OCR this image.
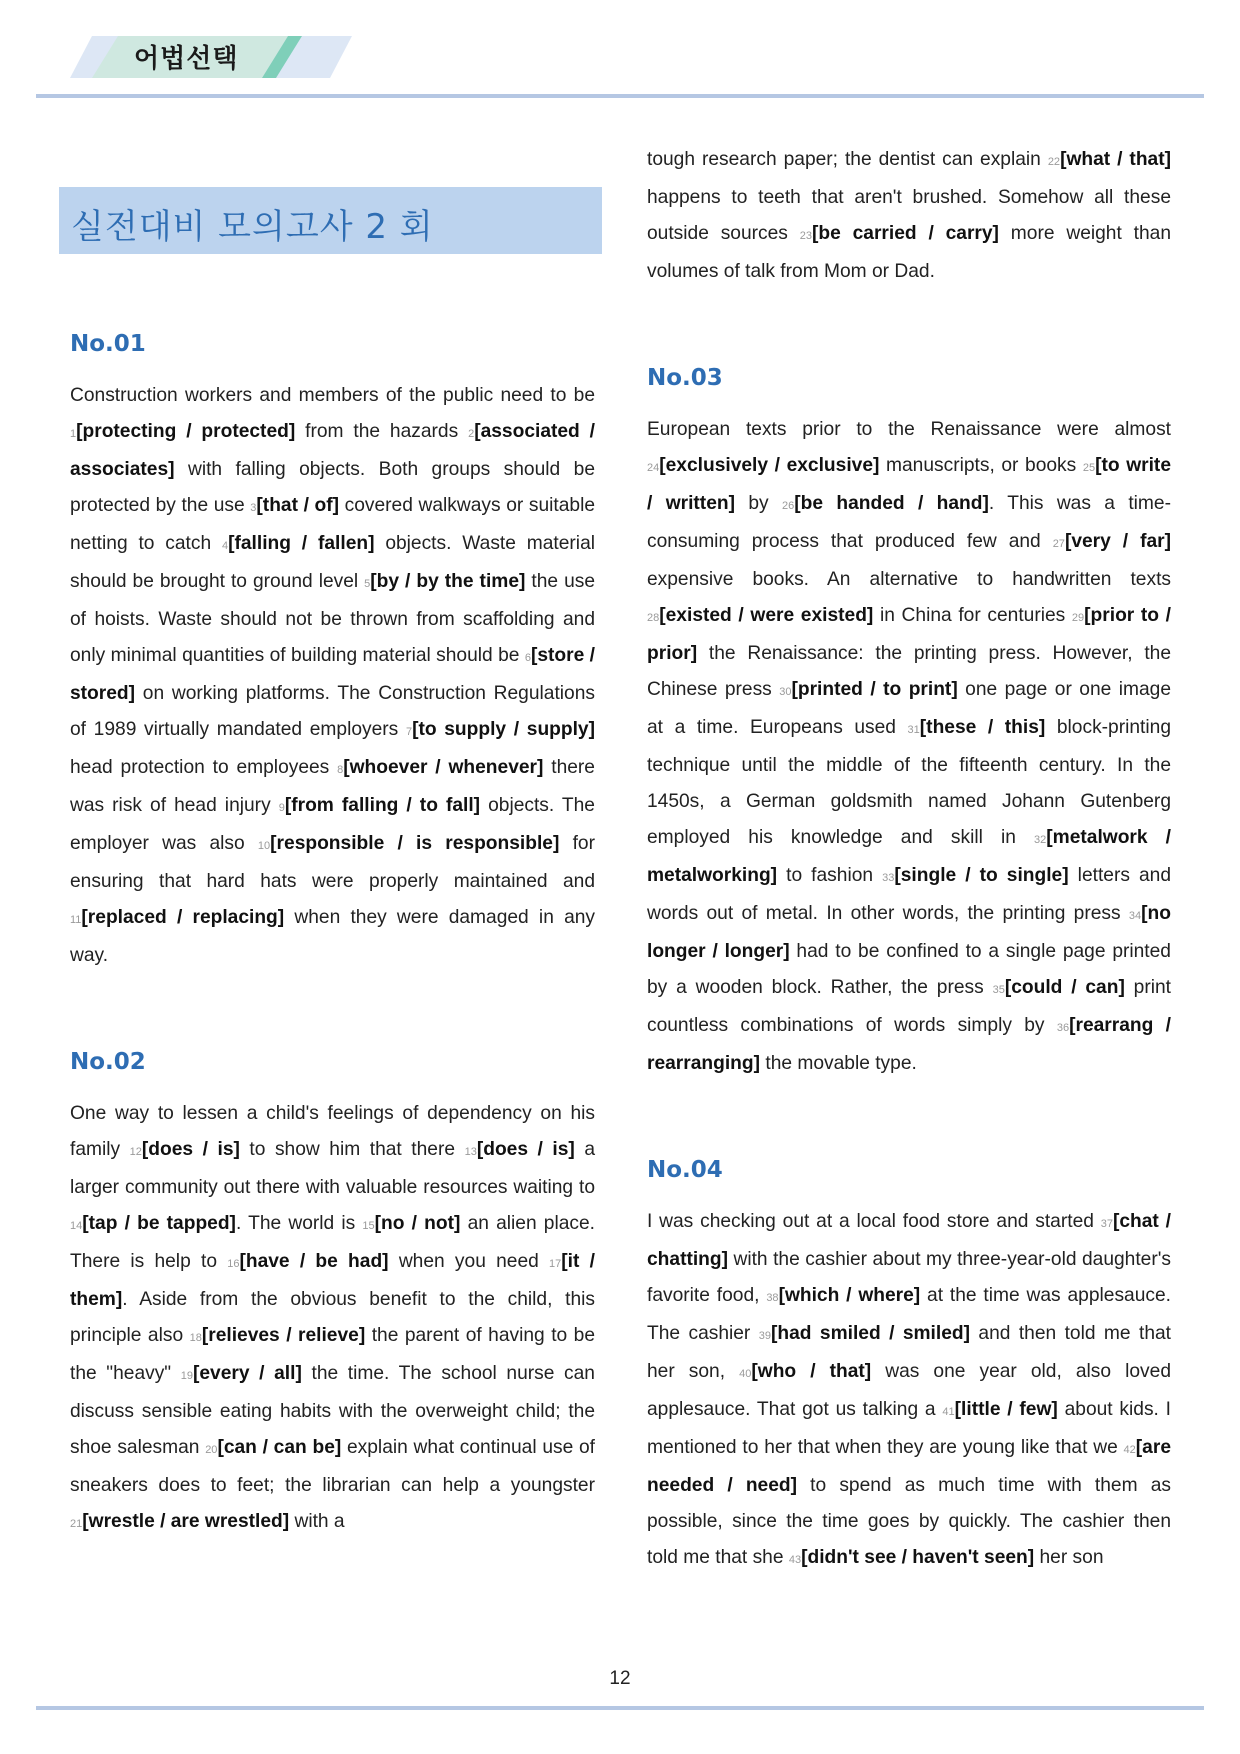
어법선택
실전대비 모의고사 2 회
No.01

Construction workers and members of the public need to be 1[protecting / protected] from the hazards 2[associated / associates] with falling objects. Both groups should be protected by the use 3[that / of] covered walkways or suitable netting to catch 4[falling / fallen] objects. Waste material should be brought to ground level 5[by / by the time] the use of hoists. Waste should not be thrown from scaffolding and only minimal quantities of building material should be 6[store / stored] on working platforms. The Construction Regulations of 1989 virtually mandated employers 7[to supply / supply] head protection to employees 8[whoever / whenever] there was risk of head injury 9[from falling / to fall] objects. The employer was also 10[responsible / is responsible] for ensuring that hard hats were properly maintained and 11[replaced / replacing] when they were damaged in any way.

No.02

One way to lessen a child's feelings of dependency on his family 12[does / is] to show him that there 13[does / is] a larger community out there with valuable resources waiting to 14[tap / be tapped]. The world is 15[no / not] an alien place. There is help to 16[have / be had] when you need 17[it / them]. Aside from the obvious benefit to the child, this principle also 18[relieves / relieve] the parent of having to be the "heavy" 19[every / all] the time. The school nurse can discuss sensible eating habits with the overweight child; the shoe salesman 20[can / can be] explain what continual use of sneakers does to feet; the librarian can help a youngster 21[wrestle / are wrestled] with a

tough research paper; the dentist can explain 22[what / that] happens to teeth that aren't brushed. Somehow all these outside sources 23[be carried / carry] more weight than volumes of talk from Mom or Dad.

No.03

European texts prior to the Renaissance were almost 24[exclusively / exclusive] manuscripts, or books 25[to write / written] by 26[be handed / hand]. This was a time-consuming process that produced few and 27[very / far] expensive books. An alternative to handwritten texts 28[existed / were existed] in China for centuries 29[prior to / prior] the Renaissance: the printing press. However, the Chinese press 30[printed / to print] one page or one image at a time. Europeans used 31[these / this] block-printing technique until the middle of the fifteenth century. In the 1450s, a German goldsmith named Johann Gutenberg employed his knowledge and skill in 32[metalwork / metalworking] to fashion 33[single / to single] letters and words out of metal. In other words, the printing press 34[no longer / longer] had to be confined to a single page printed by a wooden block. Rather, the press 35[could / can] print countless combinations of words simply by 36[rearrang / rearranging] the movable type.

No.04

I was checking out at a local food store and started 37[chat / chatting] with the cashier about my three-year-old daughter's favorite food, 38[which / where] at the time was applesauce. The cashier 39[had smiled / smiled] and then told me that her son, 40[who / that] was one year old, also loved applesauce. That got us talking a 41[little / few] about kids. I mentioned to her that when they are young like that we 42[are needed / need] to spend as much time with them as possible, since the time goes by quickly. The cashier then told me that she 43[didn't see / haven't seen] her son

12
